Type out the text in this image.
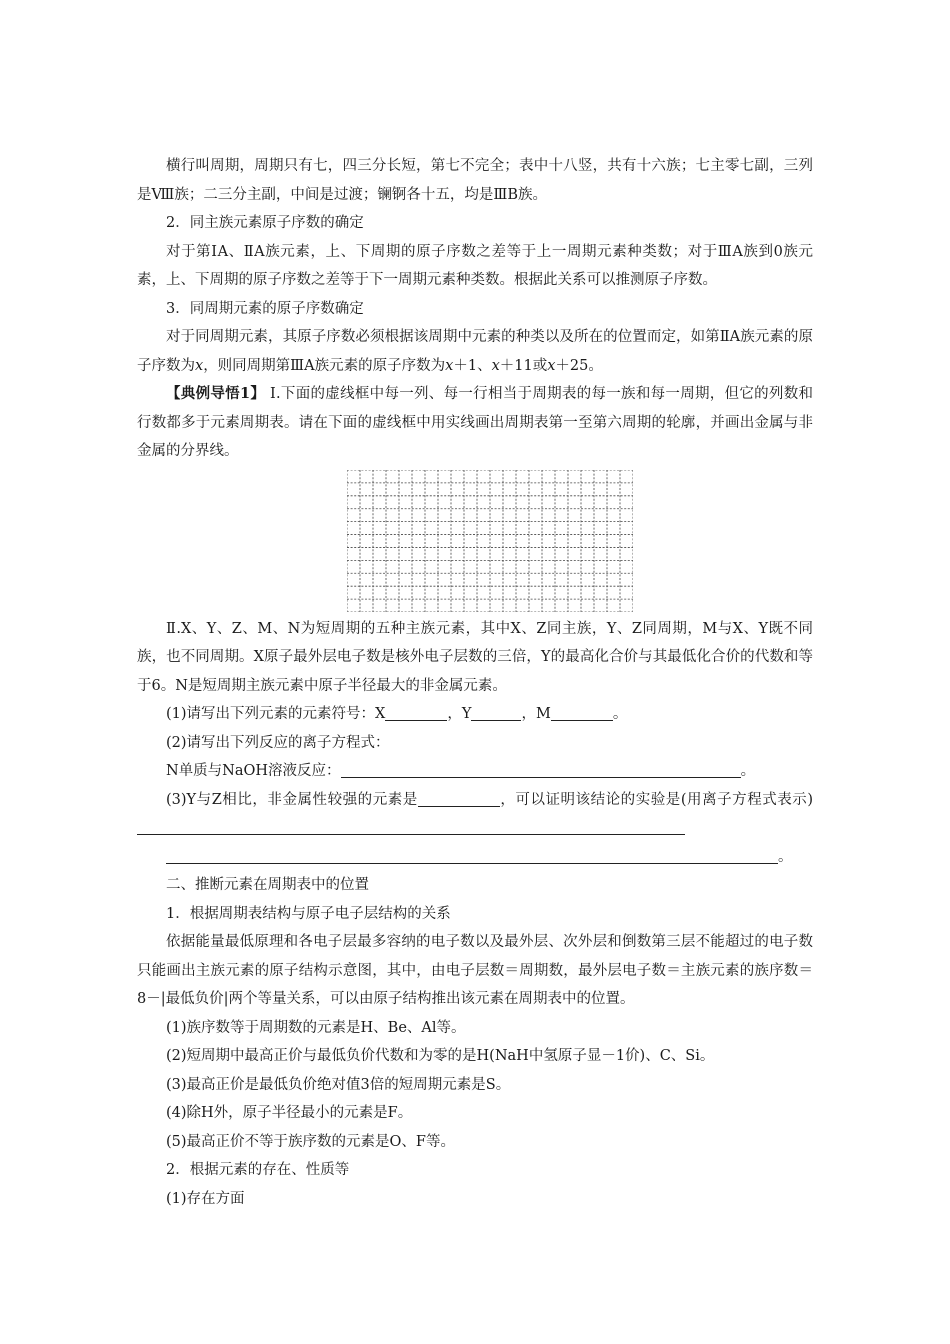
横行叫周期，周期只有七，四三分长短，第七不完全；表中十八竖，共有十六族；七主零七副，三列是Ⅷ族；二三分主副，中间是过渡；镧锕各十五，均是ⅢB族。

2．同主族元素原子序数的确定

对于第ⅠA、ⅡA族元素，上、下周期的原子序数之差等于上一周期元素种类数；对于ⅢA族到0族元素，上、下周期的原子序数之差等于下一周期元素种类数。根据此关系可以推测原子序数。

3．同周期元素的原子序数确定

对于同周期元素，其原子序数必须根据该周期中元素的种类以及所在的位置而定，如第ⅡA族元素的原子序数为x，则同周期第ⅢA族元素的原子序数为x＋1、x＋11或x＋25。

【典例导悟1】 Ⅰ.下面的虚线框中每一列、每一行相当于周期表的每一族和每一周期，但它的列数和行数都多于元素周期表。请在下面的虚线框中用实线画出周期表第一至第六周期的轮廓，并画出金属与非金属的分界线。

Ⅱ.X、Y、Z、M、N为短周期的五种主族元素，其中X、Z同主族，Y、Z同周期，M与X、Y既不同族，也不同周期。X原子最外层电子数是核外电子层数的三倍，Y的最高化合价与其最低化合价的代数和等于6。N是短周期主族元素中原子半径最大的非金属元素。

(1)请写出下列元素的元素符号：X	，Y	，M	。

(2)请写出下列反应的离子方程式：

N单质与NaOH溶液反应：	。

(3)Y与Z相比，非金属性较强的元素是	，可以证明该结论的实验是(用离子方程式表示)

。

二、推断元素在周期表中的位置

1．根据周期表结构与原子电子层结构的关系

依据能量最低原理和各电子层最多容纳的电子数以及最外层、次外层和倒数第三层不能超过的电子数只能画出主族元素的原子结构示意图，其中，由电子层数＝周期数，最外层电子数＝主族元素的族序数＝8－|最低负价|两个等量关系，可以由原子结构推出该元素在周期表中的位置。

(1)族序数等于周期数的元素是H、Be、Al等。

(2)短周期中最高正价与最低负价代数和为零的是H(NaH中氢原子显－1价)、C、Si。

(3)最高正价是最低负价绝对值3倍的短周期元素是S。

(4)除H外，原子半径最小的元素是F。

(5)最高正价不等于族序数的元素是O、F等。

2．根据元素的存在、性质等

(1)存在方面
